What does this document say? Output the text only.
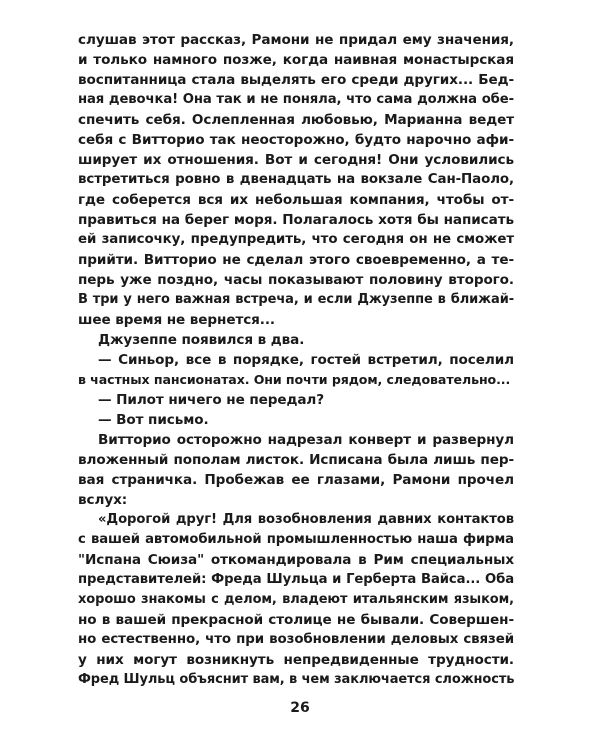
слушав этот рассказ, Рамони не придал ему значения,
и только намного позже, когда наивная монастырская
воспитанница стала выделять его среди других... Бед-
ная девочка! Она так и не поняла, что сама должна обе-
спечить себя. Ослепленная любовью, Марианна ведет
себя с Витторио так неосторожно, будто нарочно афи-
ширует их отношения. Вот и сегодня! Они условились
встретиться ровно в двенадцать на вокзале Сан-Паоло,
где соберется вся их небольшая компания, чтобы от-
правиться на берег моря. Полагалось хотя бы написать
ей записочку, предупредить, что сегодня он не сможет
прийти. Витторио не сделал этого своевременно, а те-
перь уже поздно, часы показывают половину второго.
В три у него важная встреча, и если Джузеппе в ближай-
шее время не вернется...
Джузеппе появился в два.
— Синьор, все в порядке, гостей встретил, поселил
в частных пансионатах. Они почти рядом, следовательно...
— Пилот ничего не передал?
— Вот письмо.
Витторио осторожно надрезал конверт и развернул
вложенный пополам листок. Исписана была лишь пер-
вая страничка. Пробежав ее глазами, Рамони прочел
вслух:
«Дорогой друг! Для возобновления давних контактов
с вашей автомобильной промышленностью наша фирма
"Испана Сюиза" откомандировала в Рим специальных
представителей: Фреда Шульца и Герберта Вайса... Оба
хорошо знакомы с делом, владеют итальянским языком,
но в вашей прекрасной столице не бывали. Совершен-
но естественно, что при возобновлении деловых связей
у них могут возникнуть непредвиденные трудности.
Фред Шульц объяснит вам, в чем заключается сложность
26
